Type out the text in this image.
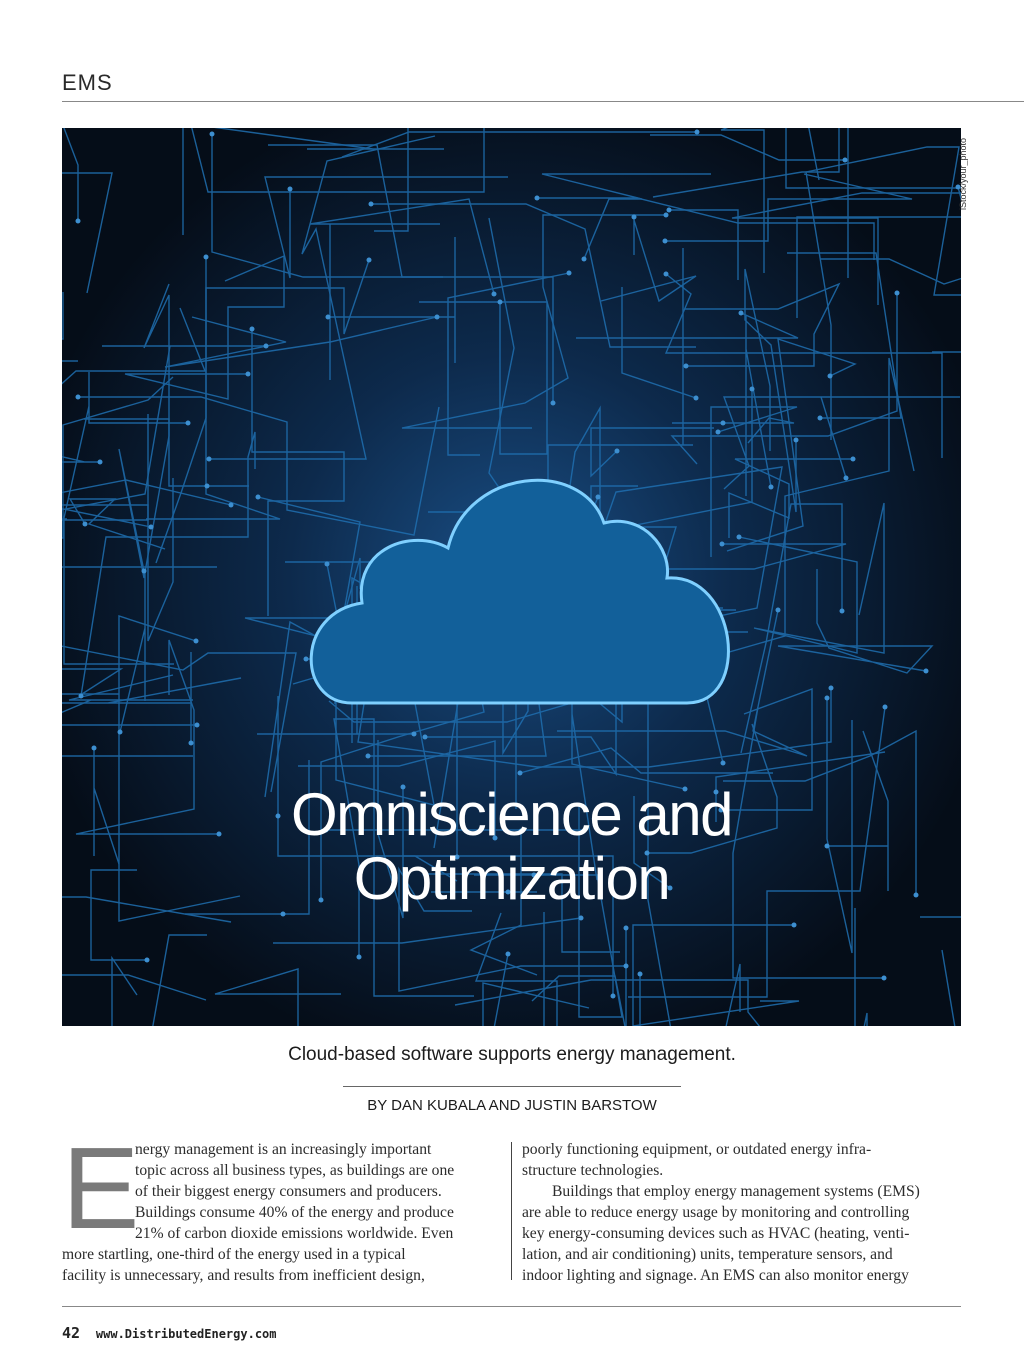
EMS
Omniscience and
Optimization
iStock/your_photo
Cloud-based software supports energy management.
BY DAN KUBALA AND JUSTIN BARSTOW
E
nergy management is an increasingly important
topic across all business types, as buildings are one
of their biggest energy consumers and producers.
Buildings consume 40% of the energy and produce
21% of carbon dioxide emissions worldwide. Even
more startling, one-third of the energy used in a typical
facility is unnecessary, and results from inefficient design,
poorly functioning equipment, or outdated energy infra-
structure technologies.
Buildings that employ energy management systems (EMS)
are able to reduce energy usage by monitoring and controlling
key energy-consuming devices such as HVAC (heating, venti-
lation, and air conditioning) units, temperature sensors, and
indoor lighting and signage. An EMS can also monitor energy
42 www.DistributedEnergy.com
